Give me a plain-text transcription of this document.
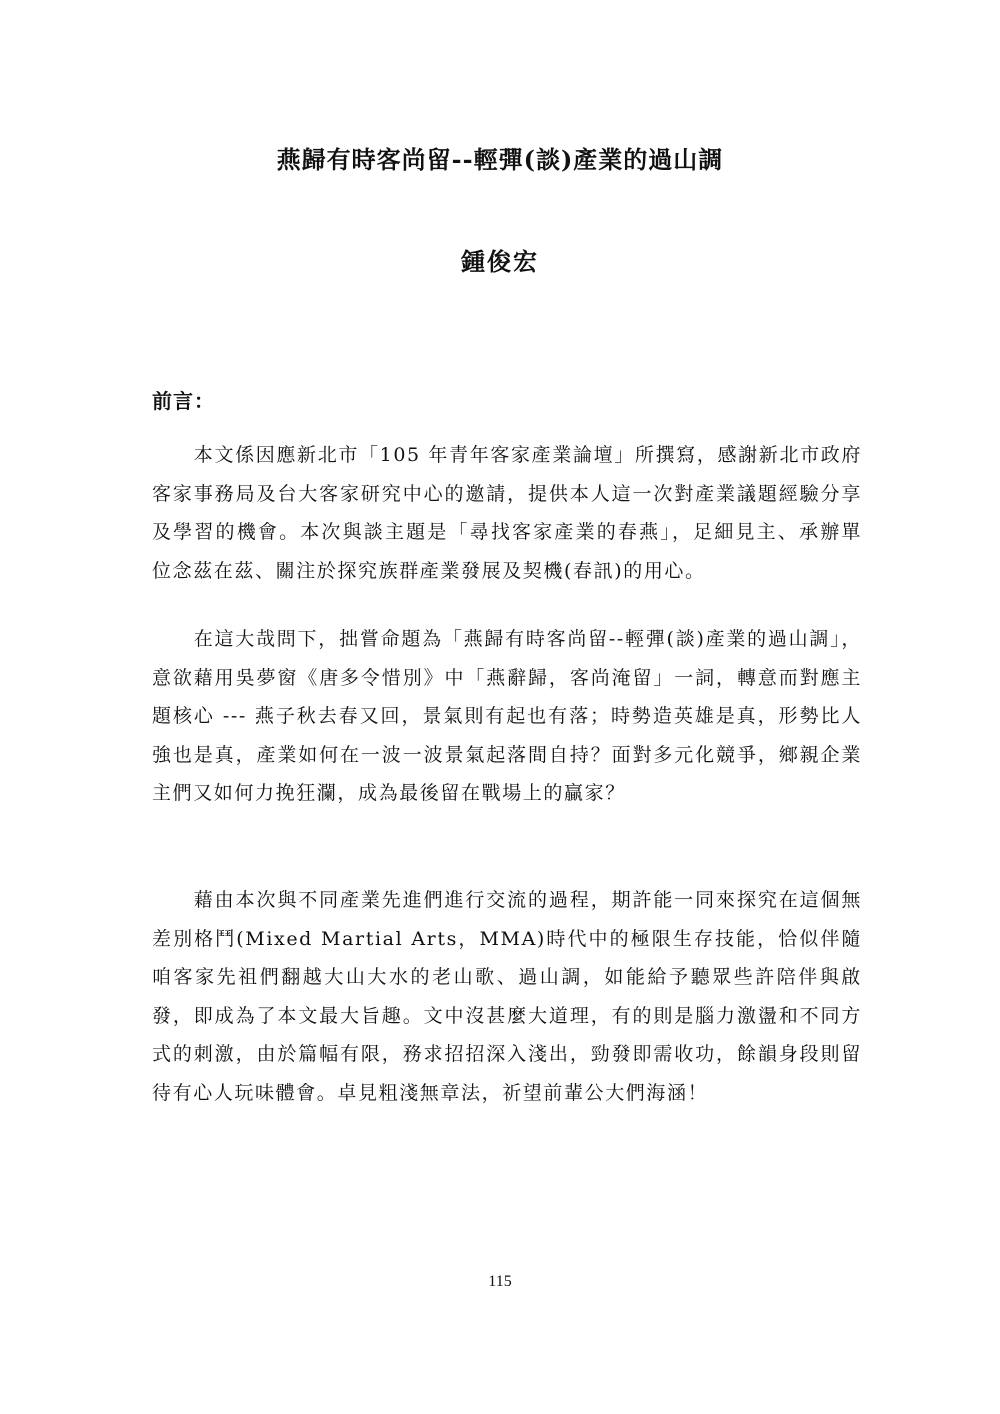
燕歸有時客尚留--輕彈(談)產業的過山調
鍾俊宏
前言：

本文係因應新北市「105 年青年客家產業論壇」所撰寫，感謝新北市政府客家事務局及台大客家研究中心的邀請，提供本人這一次對產業議題經驗分享及學習的機會。本次與談主題是「尋找客家產業的春燕」，足細見主、承辦單位念茲在茲、關注於探究族群產業發展及契機(春訊)的用心。

在這大哉問下，拙嘗命題為「燕歸有時客尚留--輕彈(談)產業的過山調」，意欲藉用吳夢窗《唐多令惜別》中「燕辭歸，客尚淹留」一詞，轉意而對應主題核心 --- 燕子秋去春又回，景氣則有起也有落；時勢造英雄是真，形勢比人強也是真，產業如何在一波一波景氣起落間自持？面對多元化競爭，鄉親企業主們又如何力挽狂瀾，成為最後留在戰場上的贏家？

藉由本次與不同產業先進們進行交流的過程，期許能一同來探究在這個無差別格鬥(Mixed Martial Arts，MMA)時代中的極限生存技能，恰似伴隨咱客家先祖們翻越大山大水的老山歌、過山調，如能給予聽眾些許陪伴與啟發，即成為了本文最大旨趣。文中沒甚麼大道理，有的則是腦力激盪和不同方式的刺激，由於篇幅有限，務求招招深入淺出，勁發即需收功，餘韻身段則留待有心人玩味體會。卓見粗淺無章法，祈望前輩公大們海涵！

115
